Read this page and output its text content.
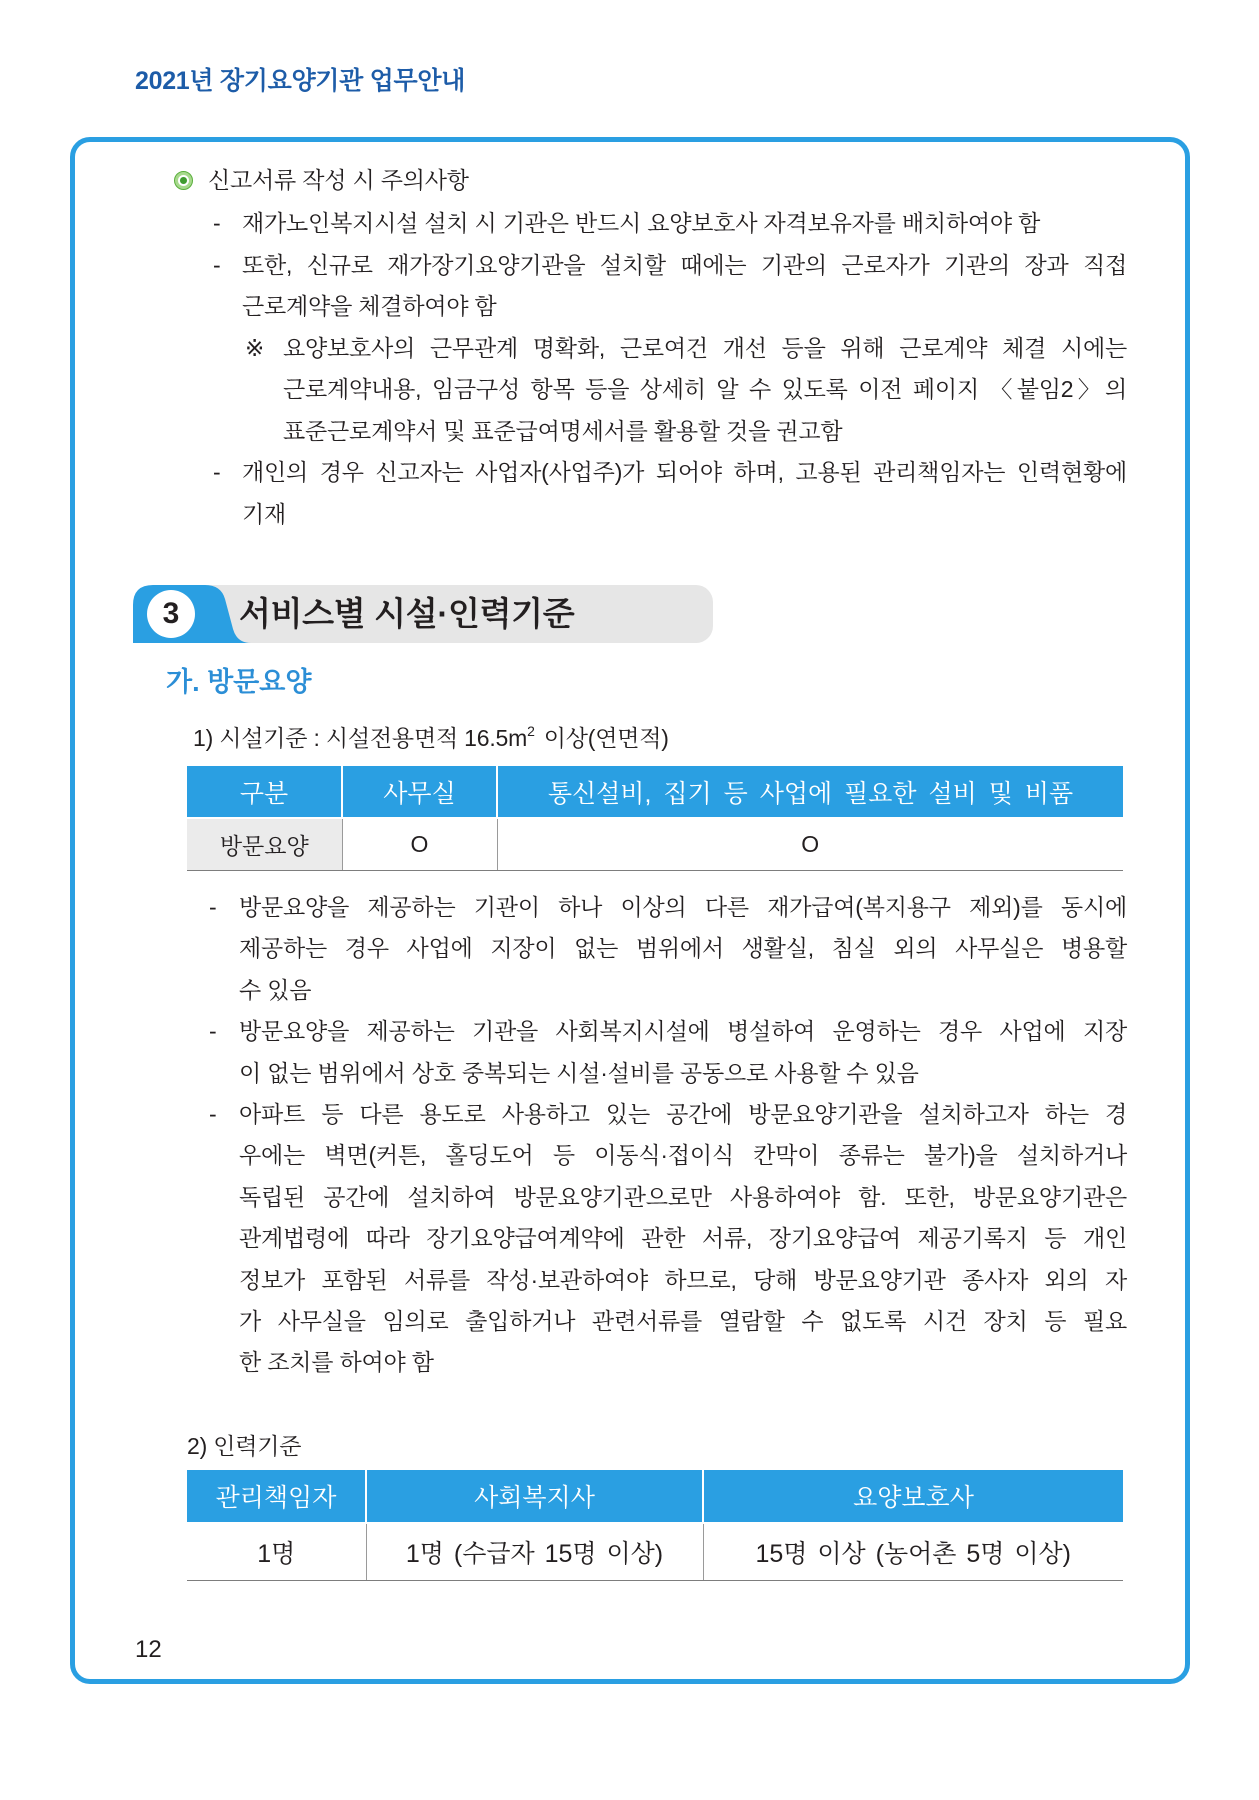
2021년 장기요양기관 업무안내
신고서류 작성 시 주의사항
- 재가노인복지시설 설치 시 기관은 반드시 요양보호사 자격보유자를 배치하여야 함
- 또한, 신규로 재가장기요양기관을 설치할 때에는 기관의 근로자가 기관의 장과 직접
근로계약을 체결하여야 함
※ 요양보호사의 근무관계 명확화, 근로여건 개선 등을 위해 근로계약 체결 시에는
근로계약내용, 임금구성 항목 등을 상세히 알 수 있도록 이전 페이지 〈붙임2〉의
표준근로계약서 및 표준급여명세서를 활용할 것을 권고함
- 개인의 경우 신고자는 사업자(사업주)가 되어야 하며, 고용된 관리책임자는 인력현황에
기재
3	서비스별 시설·인력기준
가. 방문요양
1) 시설기준 : 시설전용면적 $16.5m^2$ 이상(연면적)
구분	사무실	통신설비, 집기 등 사업에 필요한 설비 및 비품
방문요양	O	O
- 방문요양을 제공하는 기관이 하나 이상의 다른 재가급여(복지용구 제외)를 동시에
제공하는 경우 사업에 지장이 없는 범위에서 생활실, 침실 외의 사무실은 병용할
수 있음
- 방문요양을 제공하는 기관을 사회복지시설에 병설하여 운영하는 경우 사업에 지장
이 없는 범위에서 상호 중복되는 시설·설비를 공동으로 사용할 수 있음
- 아파트 등 다른 용도로 사용하고 있는 공간에 방문요양기관을 설치하고자 하는 경
우에는 벽면(커튼, 홀딩도어 등 이동식·접이식 칸막이 종류는 불가)을 설치하거나
독립된 공간에 설치하여 방문요양기관으로만 사용하여야 함. 또한, 방문요양기관은
관계법령에 따라 장기요양급여계약에 관한 서류, 장기요양급여 제공기록지 등 개인
정보가 포함된 서류를 작성·보관하여야 하므로, 당해 방문요양기관 종사자 외의 자
가 사무실을 임의로 출입하거나 관련서류를 열람할 수 없도록 시건 장치 등 필요
한 조치를 하여야 함
2) 인력기준
관리책임자	사회복지사	요양보호사
1명	1명 (수급자 15명 이상)	15명 이상 (농어촌 5명 이상)
12
